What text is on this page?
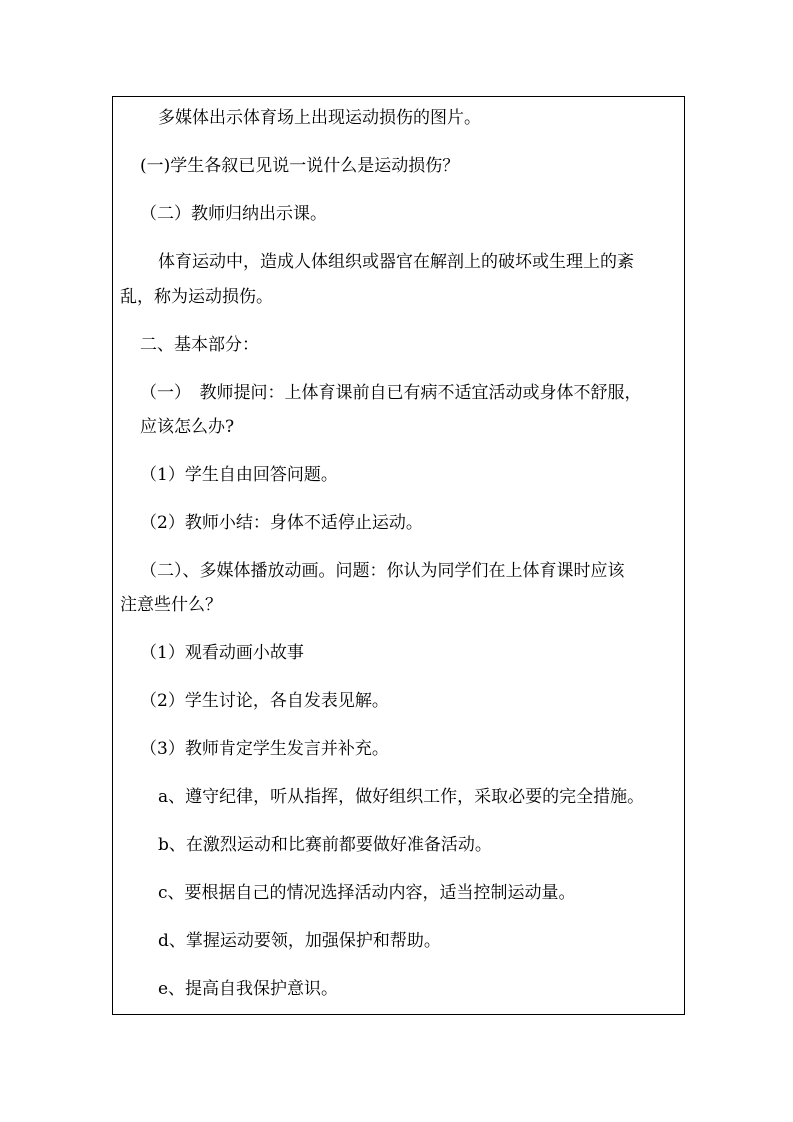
多媒体出示体育场上出现运动损伤的图片。
(一)学生各叙已见说一说什么是运动损伤？
（二）教师归纳出示课。
体育运动中，造成人体组织或器官在解剖上的破坏或生理上的紊
乱，称为运动损伤。
二、基本部分：
（一）　教师提问：上体育课前自已有病不适宜活动或身体不舒服，
应该怎么办?
（1）学生自由回答问题。
（2）教师小结：身体不适停止运动。
（二）、多媒体播放动画。问题：你认为同学们在上体育课时应该
注意些什么？
（1）观看动画小故事
（2）学生讨论，各自发表见解。
（3）教师肯定学生发言并补充。
a、遵守纪律，听从指挥，做好组织工作，采取必要的完全措施。
b、在激烈运动和比赛前都要做好准备活动。
c、要根据自己的情况选择活动内容，适当控制运动量。
d、掌握运动要领，加强保护和帮助。
e、提高自我保护意识。
